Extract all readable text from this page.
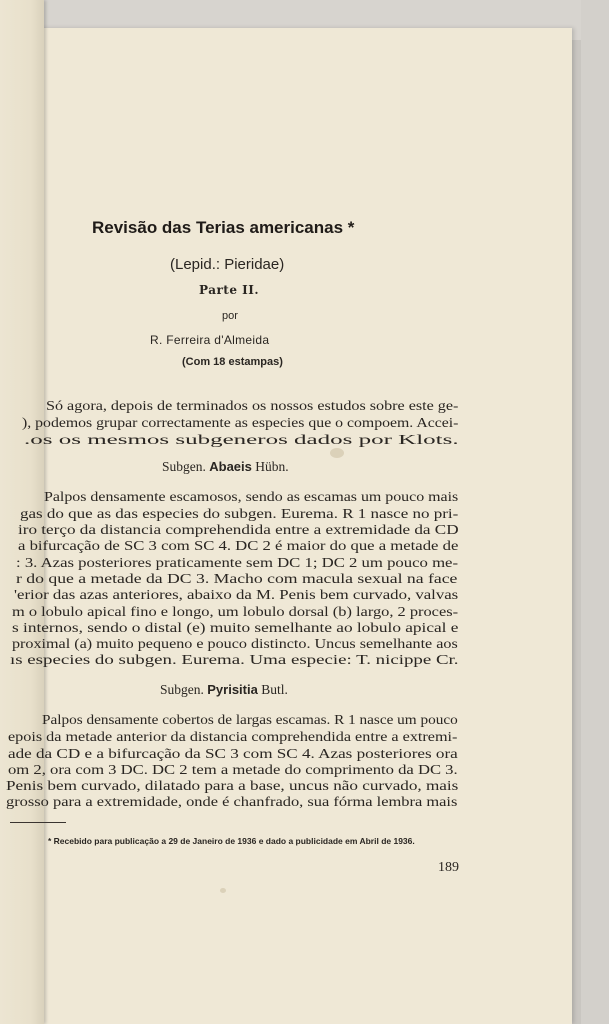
Revisão das Terias americanas *
(Lepid.: Pieridae)
Parte II.
por
R. Ferreira d'Almeida
(Com 18 estampas)
Só agora, depois de terminados os nossos estudos sobre este ge-
), podemos grupar correctamente as especies que o compoem. Accei-
.os os mesmos subgeneros dados por Klots.
Subgen. Abaeis Hübn.
Palpos densamente escamosos, sendo as escamas um pouco mais
gas do que as das especies do subgen. Eurema. R 1 nasce no pri-
iro terço da distancia comprehendida entre a extremidade da CD
a bifurcação de SC 3 com SC 4. DC 2 é maior do que a metade de
: 3. Azas posteriores praticamente sem DC 1; DC 2 um pouco me-
r do que a metade da DC 3. Macho com macula sexual na face
'erior das azas anteriores, abaixo da M. Penis bem curvado, valvas
m o lobulo apical fino e longo, um lobulo dorsal (b) largo, 2 proces-
s internos, sendo o distal (e) muito semelhante ao lobulo apical e
proximal (a) muito pequeno e pouco distincto. Uncus semelhante aos
ıs especies do subgen. Eurema. Uma especie: T. nicippe Cr.
Subgen. Pyrisitia Butl.
Palpos densamente cobertos de largas escamas. R 1 nasce um pouco
epois da metade anterior da distancia comprehendida entre a extremi-
ade da CD e a bifurcação da SC 3 com SC 4. Azas posteriores ora
om 2, ora com 3 DC. DC 2 tem a metade do comprimento da DC 3.
Penis bem curvado, dilatado para a base, uncus não curvado, mais
grosso para a extremidade, onde é chanfrado, sua fórma lembra mais
* Recebido para publicação a 29 de Janeiro de 1936 e dado a publicidade em Abril de 1936.
189
